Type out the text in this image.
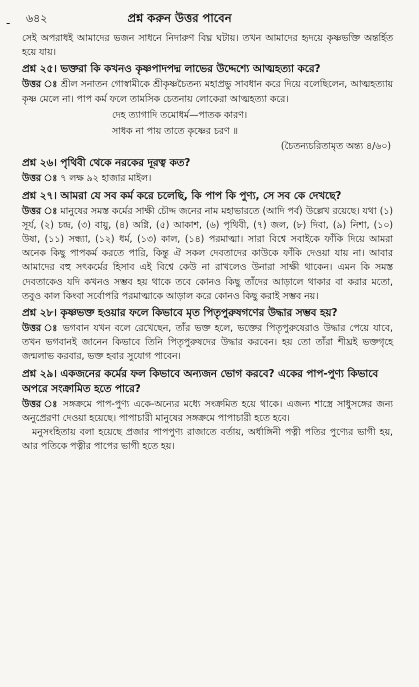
- ৬৪২	প্রশ্ন করুন উত্তর পাবেন

সেই অপরাধই আমাদের ভজন সাধনে নিদারুণ বিঘ্ন ঘটায়। তখন আমাদের হৃদয়ে কৃষ্ণভক্তি অন্তর্হিত হয়ে যায়।

প্রশ্ন ২৫। ভক্তরা কি কখনও কৃষ্ণপাদপদ্ম লাভের উদ্দেশ্যে আত্মহত্যা করে?

উত্তর ঃ শ্রীল সনাতন গোস্বামীকে শ্রীকৃষ্ণচৈতন্য মহাপ্রভু সাবধান করে দিয়ে বলেছিলেন, আত্মহত্যায় কৃষ্ণ মেলে না। পাপ কর্ম ফলে তামসিক চেতনায় লোকেরা আত্মহত্যা করে।

দেহ ত্যাগাদি তমোধর্ম—পাতক কারণ।
সাধক না পায় তাতে কৃষ্ণের চরণ ॥

(চৈতন্যচরিতামৃত অন্ত্য ৪/৬০)

প্রশ্ন ২৬। পৃথিবী থেকে নরকের দূরত্ব কত?

উত্তর ঃ ৭ লক্ষ ৯২ হাজার মাইল।

প্রশ্ন ২৭। আমরা যে সব কর্ম করে চলেছি, কি পাপ কি পুণ্য, সে সব কে দেখছে?

উত্তর ঃ মানুষের সমস্ত কর্মের সাক্ষী চৌদ্দ জনের নাম মহাভারতে (আদি পর্ব) উল্লেখ রয়েছে। যথা (১) সূর্য, (২) চন্দ্র, (৩) বায়ু, (৪) অগ্নি, (৫) আকাশ, (৬) পৃথিবী, (৭) জল, (৮) দিবা, (৯) নিশা, (১০) উষা, (১১) সন্ধ্যা, (১২) ধর্ম, (১৩) কাল, (১৪) পরমাত্মা। সারা বিশ্বে সবাইকে ফাঁকি দিয়ে আমরা অনেক কিছু পাপকর্ম করতে পারি, কিন্তু ঐ সকল দেবতাদের কাউকে ফাঁকি দেওয়া যায় না। আবার আমাদের বহু সৎকর্মের হিসাব এই বিশ্বে কেউ না রাখলেও উনারা সাক্ষী থাকেন। এমন কি সমস্ত দেবতাকেও যদি কখনও সম্ভব হয় থাকে তবে কোনও কিছু তাঁদের আড়ালে থাকার বা করার মতো, তবুও কাল কিংবা সর্বোপরি পরমাত্মাকে আড়াল করে কোনও কিছু করাই সম্ভব নয়।

প্রশ্ন ২৮। কৃষ্ণভক্ত হওয়ার ফলে কিভাবে মৃত পিতৃপুরুষগণের উদ্ধার সম্ভব হয়?

উত্তর ঃ ভগবান যখন বলে রেখেছেন, তাঁর ভক্ত হলে, ভক্তের পিতৃপুরুষেরাও উদ্ধার পেয়ে যাবে, তখন ভগবানই জানেন কিভাবে তিনি পিতৃপুরুষদের উদ্ধার করবেন। হয় তো তাঁরা শীঘ্রই ভক্তগৃহে জন্মলাভ করবার, ভক্ত হবার সুযোগ পাবেন।

প্রশ্ন ২৯। একজনের কর্মের ফল কিভাবে অন্যজন ভোগ করবে? একের পাপ-পুণ্য কিভাবে অপরে সংক্রামিত হতে পারে?

উত্তর ঃ সঙ্গক্রমে পাপ-পুণ্য একে-অন্যের মধ্যে সংক্রমিত হয়ে থাকে। এজন্য শাস্ত্রে সাধুসঙ্গের জন্য অনুপ্রেরণা দেওয়া হয়েছে। পাপাচারী মানুষের সঙ্গক্রমে পাপাচারী হতে হবে।

মনুসংহিতায় বলা হয়েছে প্রজার পাপপুণ্য রাজাতে বর্তায়, অর্ধাঙ্গিনী পত্নী পতির পুণ্যের ভাগী হয়, আর পতিকে পত্নীর পাপের ভাগী হতে হয়।
